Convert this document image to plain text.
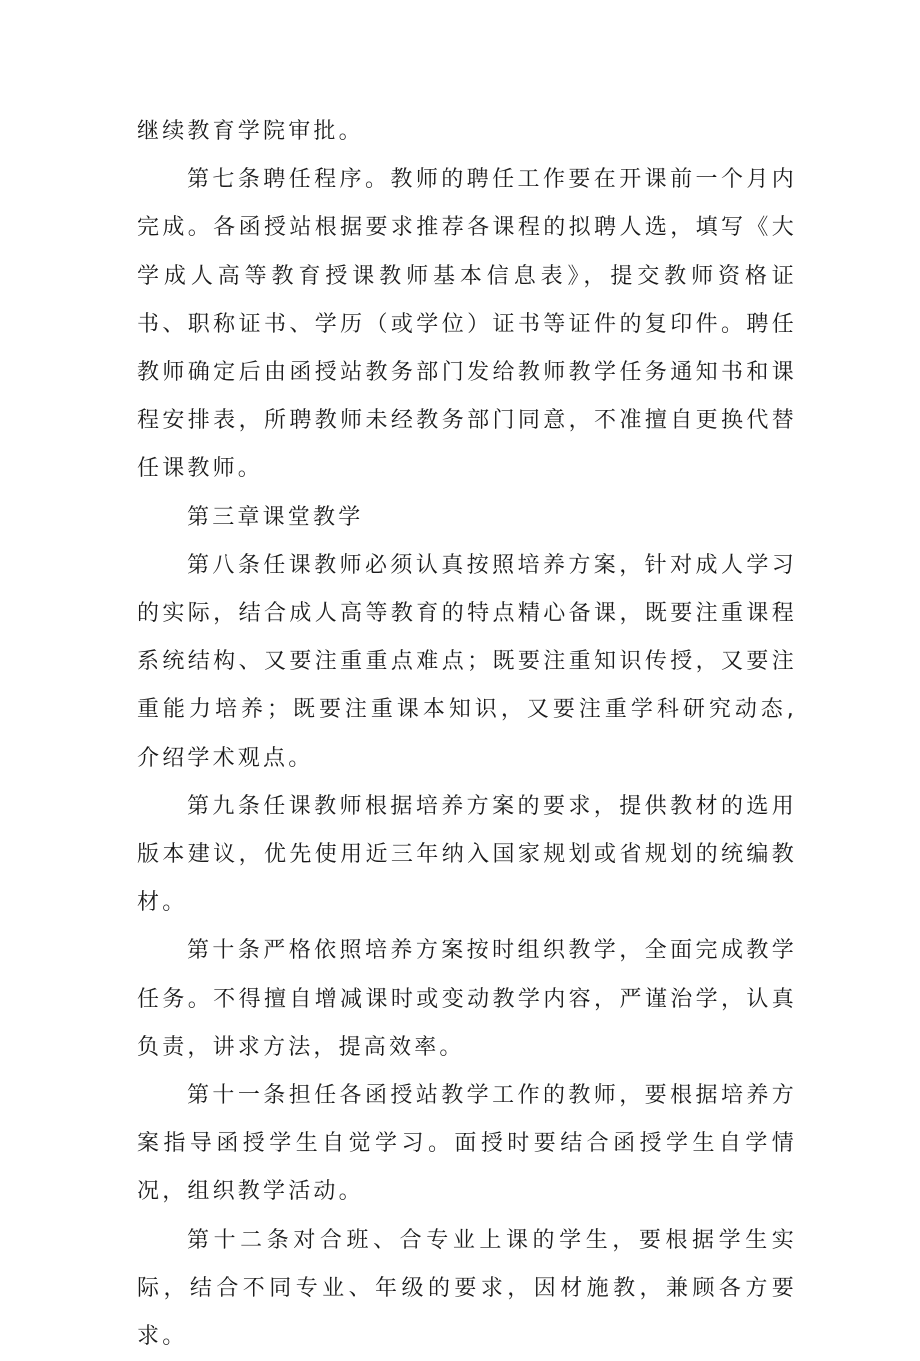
继续教育学院审批。

第七条聘任程序。教师的聘任工作要在开课前一个月内完成。各函授站根据要求推荐各课程的拟聘人选，填写《大学成人高等教育授课教师基本信息表》，提交教师资格证书、职称证书、学历（或学位）证书等证件的复印件。聘任教师确定后由函授站教务部门发给教师教学任务通知书和课程安排表，所聘教师未经教务部门同意，不准擅自更换代替任课教师。

第三章课堂教学

第八条任课教师必须认真按照培养方案，针对成人学习的实际，结合成人高等教育的特点精心备课，既要注重课程系统结构、又要注重重点难点；既要注重知识传授，又要注重能力培养；既要注重课本知识，又要注重学科研究动态,介绍学术观点。

第九条任课教师根据培养方案的要求，提供教材的选用版本建议，优先使用近三年纳入国家规划或省规划的统编教材。

第十条严格依照培养方案按时组织教学，全面完成教学任务。不得擅自增减课时或变动教学内容，严谨治学，认真负责，讲求方法，提高效率。

第十一条担任各函授站教学工作的教师，要根据培养方案指导函授学生自觉学习。面授时要结合函授学生自学情况，组织教学活动。

第十二条对合班、合专业上课的学生，要根据学生实际，结合不同专业、年级的要求，因材施教，兼顾各方要求。
